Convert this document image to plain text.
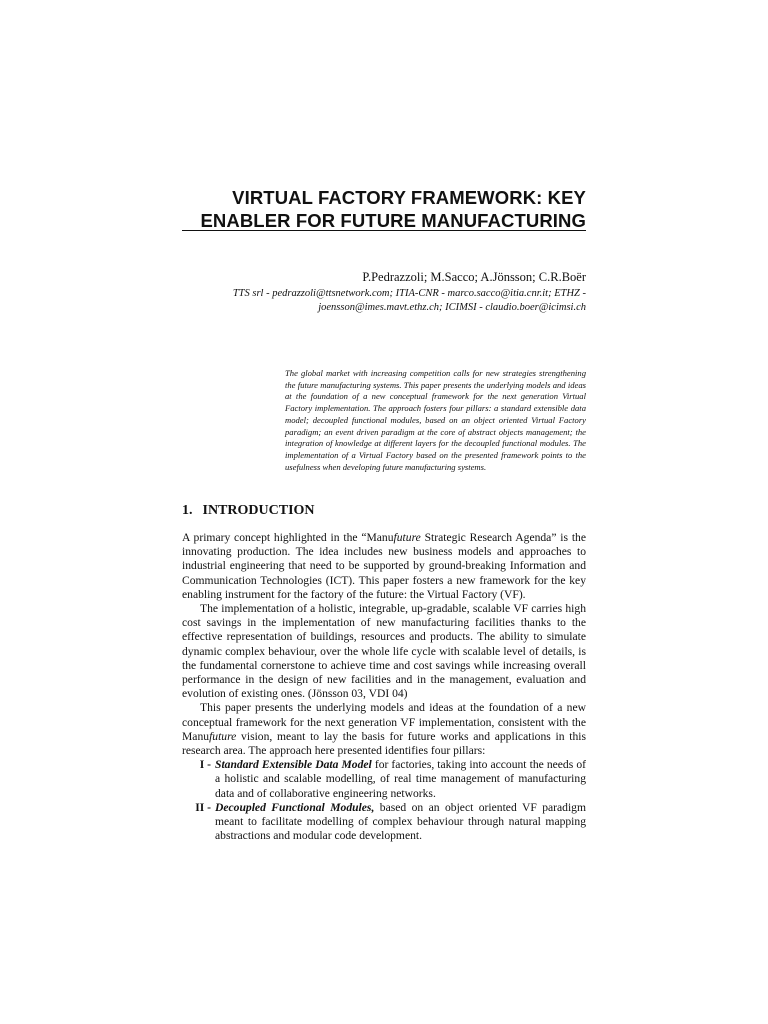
VIRTUAL FACTORY FRAMEWORK: KEY
ENABLER FOR FUTURE MANUFACTURING
P.Pedrazzoli; M.Sacco; A.Jönsson; C.R.Boër
TTS srl - pedrazzoli@ttsnetwork.com; ITIA-CNR - marco.sacco@itia.cnr.it; ETHZ -
joensson@imes.mavt.ethz.ch; ICIMSI - claudio.boer@icimsi.ch
The global market with increasing competition calls for new strategies strengthening the future manufacturing systems. This paper presents the underlying models and ideas at the foundation of a new conceptual framework for the next generation Virtual Factory implementation. The approach fosters four pillars: a standard extensible data model; decoupled functional modules, based on an object oriented Virtual Factory paradigm; an event driven paradigm at the core of abstract objects management; the integration of knowledge at different layers for the decoupled functional modules. The implementation of a Virtual Factory based on the presented framework points to the usefulness when developing future manufacturing systems.
1. INTRODUCTION

A primary concept highlighted in the “Manufuture Strategic Research Agenda” is the innovating production. The idea includes new business models and approaches to industrial engineering that need to be supported by ground-breaking Information and Communication Technologies (ICT). This paper fosters a new framework for the key enabling instrument for the factory of the future: the Virtual Factory (VF).

The implementation of a holistic, integrable, up-gradable, scalable VF carries high cost savings in the implementation of new manufacturing facilities thanks to the effective representation of buildings, resources and products. The ability to simulate dynamic complex behaviour, over the whole life cycle with scalable level of details, is the fundamental cornerstone to achieve time and cost savings while increasing overall performance in the design of new facilities and in the management, evaluation and evolution of existing ones. (Jönsson 03, VDI 04)

This paper presents the underlying models and ideas at the foundation of a new conceptual framework for the next generation VF implementation, consistent with the Manufuture vision, meant to lay the basis for future works and applications in this research area. The approach here presented identifies four pillars:

I - Standard Extensible Data Model for factories, taking into account the needs of a holistic and scalable modelling, of real time management of manufacturing data and of collaborative engineering networks.
II - Decoupled Functional Modules, based on an object oriented VF paradigm meant to facilitate modelling of complex behaviour through natural mapping abstractions and modular code development.
